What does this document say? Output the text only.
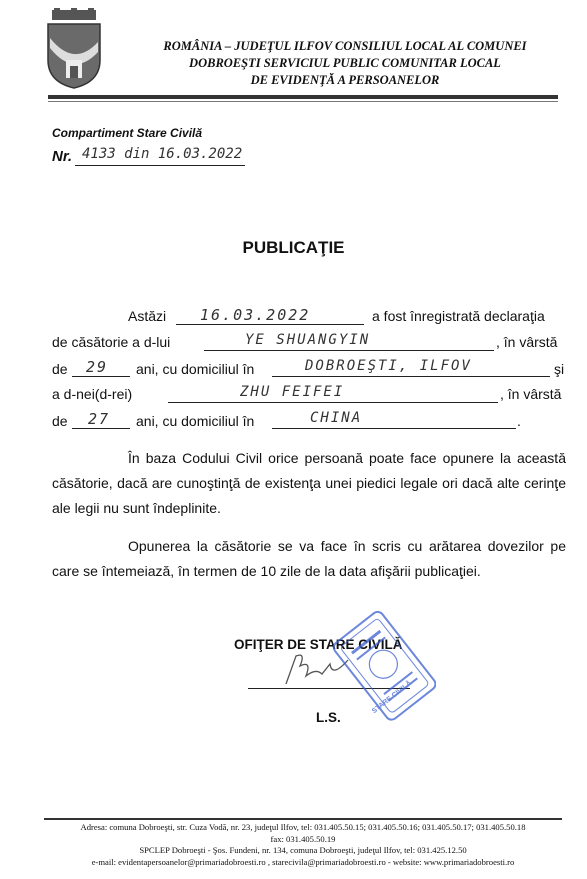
ROMÂNIA – JUDEŢUL ILFOV CONSILIUL LOCAL AL COMUNEI
DOBROEŞTI SERVICIUL PUBLIC COMUNITAR LOCAL
DE EVIDENŢĂ A PERSOANELOR
Compartiment Stare Civilă
Nr. 4133 din 16.03.2022
PUBLICAŢIE
Astăzi 16.03.2022	a fost înregistrată declaraţia
de căsătorie a d-lui	YE SHUANGYIN	, în vârstă
de 29 ani, cu domiciliul în	DOBROEŞTI, ILFOV	şi
a d-nei(d-rei)	ZHU FEIFEI	, în vârstă
de 27 ani, cu domiciliul în	CHINA	.
În baza Codului Civil orice persoană poate face opunere la această căsătorie, dacă are cunoştinţă de existenţa unei piedici legale ori dacă alte cerinţe ale legii nu sunt îndeplinite.
Opunerea la căsătorie se va face în scris cu arătarea dovezilor pe care se întemeiază, în termen de 10 zile de la data afişării publicaţiei.
OFIŢER DE STARE CIVILĂ
L.S.
STARE CIVILĂ
Adresa: comuna Dobroeşti, str. Cuza Vodă, nr. 23, judeţul Ilfov, tel: 031.405.50.15; 031.405.50.16; 031.405.50.17; 031.405.50.18
fax: 031.405.50.19
SPCLEP Dobroeşti - Şos. Fundeni, nr. 134, comuna Dobroeşti, judeţul Ilfov, tel: 031.425.12.50
e-mail: evidentapersoanelor@primariadobroesti.ro , starecivila@primariadobroesti.ro - website: www.primariadobroesti.ro
